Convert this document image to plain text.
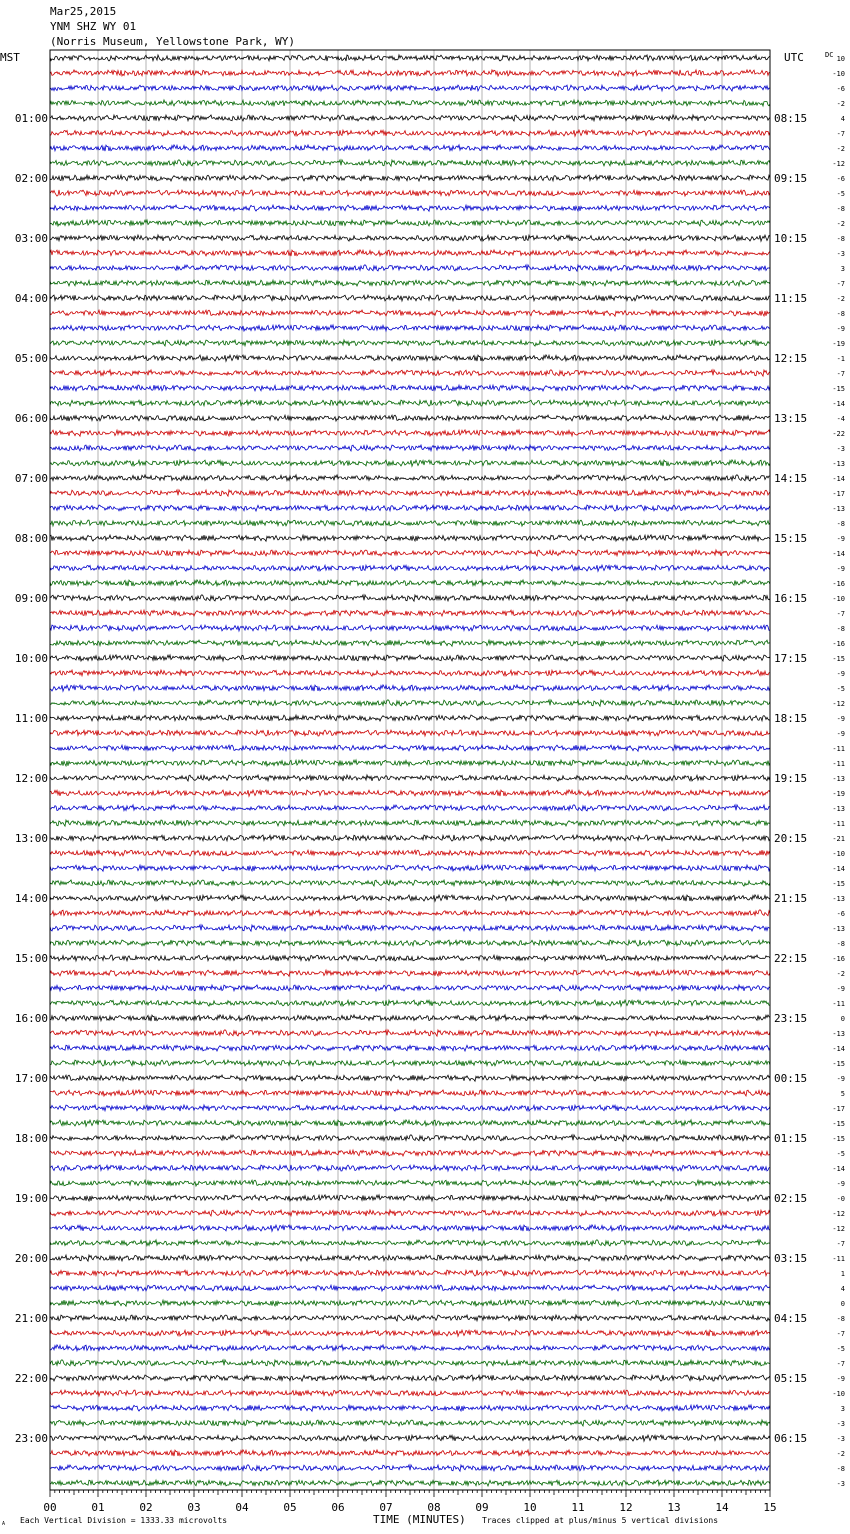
Mar25,2015
YNM SHZ WY 01
(Norris Museum, Yellowstone Park, WY)
00	01	02	03	04	05	06	07	08	09	10	11	12	13	14	15
01:00
02:00
03:00
04:00
05:00
06:00
07:00
08:00
09:00
10:00
11:00
12:00
13:00
14:00
15:00
16:00
17:00
18:00
19:00
20:00
21:00
22:00
23:00
08:15
09:15
10:15
11:15
12:15
13:15
14:15
15:15
16:15
17:15
18:15
19:15
20:15
21:15
22:15
23:15
00:15
01:15
02:15
03:15
04:15
05:15
06:15
10
-10
-6
-2
4
-7
-2
-12
-6
-5
-8
-2
-8
-3
3
-7
-2
-8
-9
-19
-1
-7
-15
-14
-4
-22
-3
-13
-14
-17
-13
-8
-9
-14
-9
-16
-10
-7
-8
-16
-15
-9
-5
-12
-9
-9
-11
-11
-13
-19
-13
-11
-21
-10
-14
-15
-13
-6
-13
-8
-16
-2
-9
-11
0
-13
-14
-15
-9
5
-17
-15
-15
-5
-14
-9
-0
-12
-12
-7
-11
1
4
0
-8
-7
-5
-7
-9
-10
3
-3
-3
-2
-8
-3
MST	UTC	DC
TIME (MINUTES)
A Each Vertical Division = 1333.33 microvolts	Traces clipped at plus/minus 5 vertical divisions
